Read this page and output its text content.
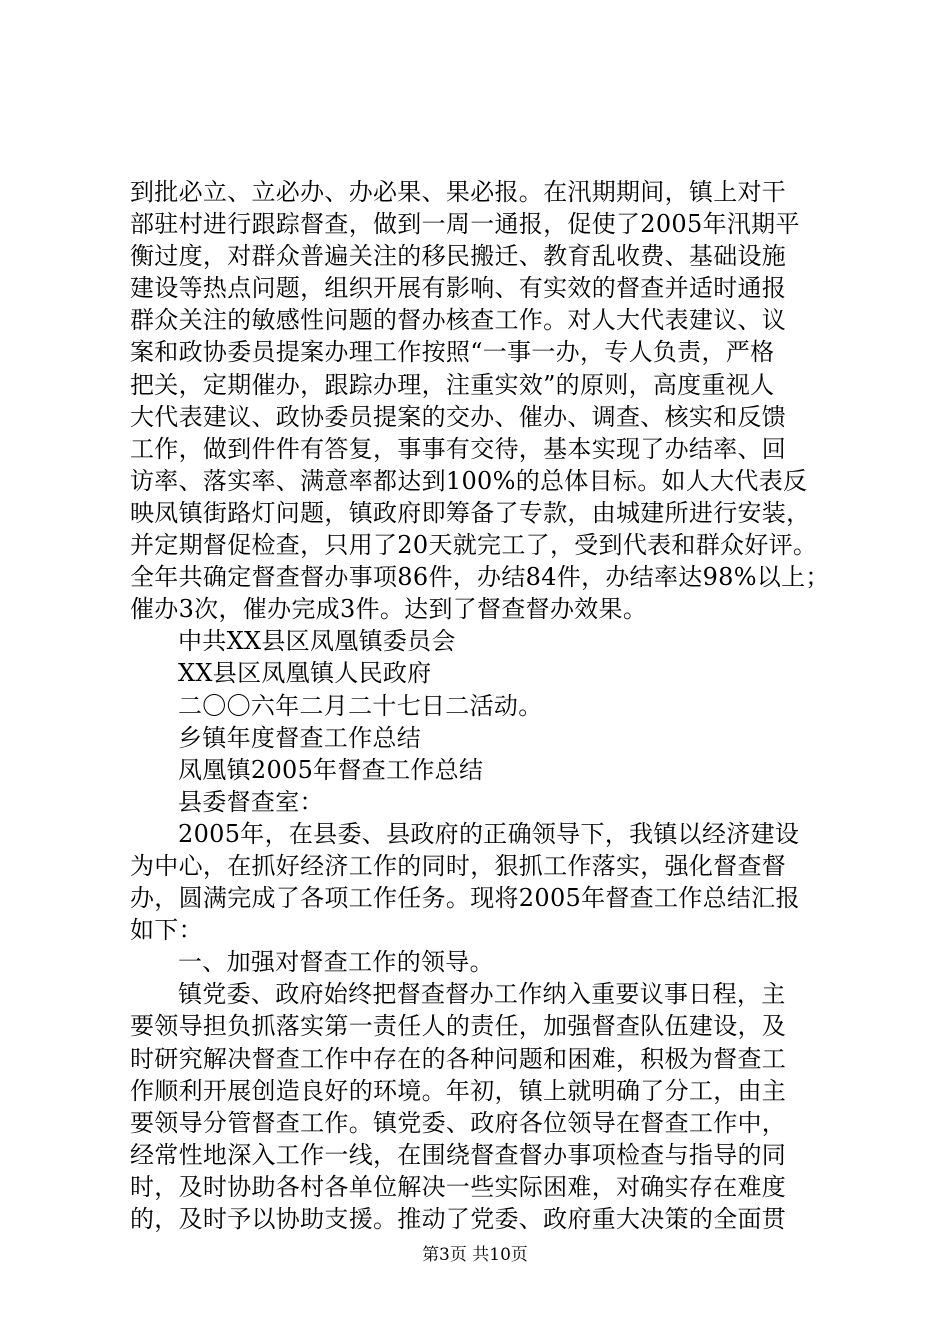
到批必立、立必办、办必果、果必报。在汛期期间，镇上对干
部驻村进行跟踪督查，做到一周一通报，促使了2005年汛期平
衡过度，对群众普遍关注的移民搬迁、教育乱收费、基础设施
建设等热点问题，组织开展有影响、有实效的督查并适时通报
群众关注的敏感性问题的督办核查工作。对人大代表建议、议
案和政协委员提案办理工作按照“一事一办，专人负责，严格
把关，定期催办，跟踪办理，注重实效”的原则，高度重视人
大代表建议、政协委员提案的交办、催办、调查、核实和反馈
工作，做到件件有答复，事事有交待，基本实现了办结率、回
访率、落实率、满意率都达到100%的总体目标。如人大代表反
映凤镇街路灯问题，镇政府即筹备了专款，由城建所进行安装，
并定期督促检查，只用了20天就完工了，受到代表和群众好评。
全年共确定督查督办事项86件，办结84件，办结率达98%以上；
催办3次，催办完成3件。达到了督查督办效果。
中共XX县区凤凰镇委员会
XX县区凤凰镇人民政府
二〇〇六年二月二十七日二活动。
乡镇年度督查工作总结
凤凰镇2005年督查工作总结
县委督查室：
2005年，在县委、县政府的正确领导下，我镇以经济建设
为中心，在抓好经济工作的同时，狠抓工作落实，强化督查督
办，圆满完成了各项工作任务。现将2005年督查工作总结汇报
如下：
一、加强对督查工作的领导。
镇党委、政府始终把督查督办工作纳入重要议事日程，主
要领导担负抓落实第一责任人的责任，加强督查队伍建设，及
时研究解决督查工作中存在的各种问题和困难，积极为督查工
作顺利开展创造良好的环境。年初，镇上就明确了分工，由主
要领导分管督查工作。镇党委、政府各位领导在督查工作中，
经常性地深入工作一线，在围绕督查督办事项检查与指导的同
时，及时协助各村各单位解决一些实际困难，对确实存在难度
的，及时予以协助支援。推动了党委、政府重大决策的全面贯
第3页 共10页
